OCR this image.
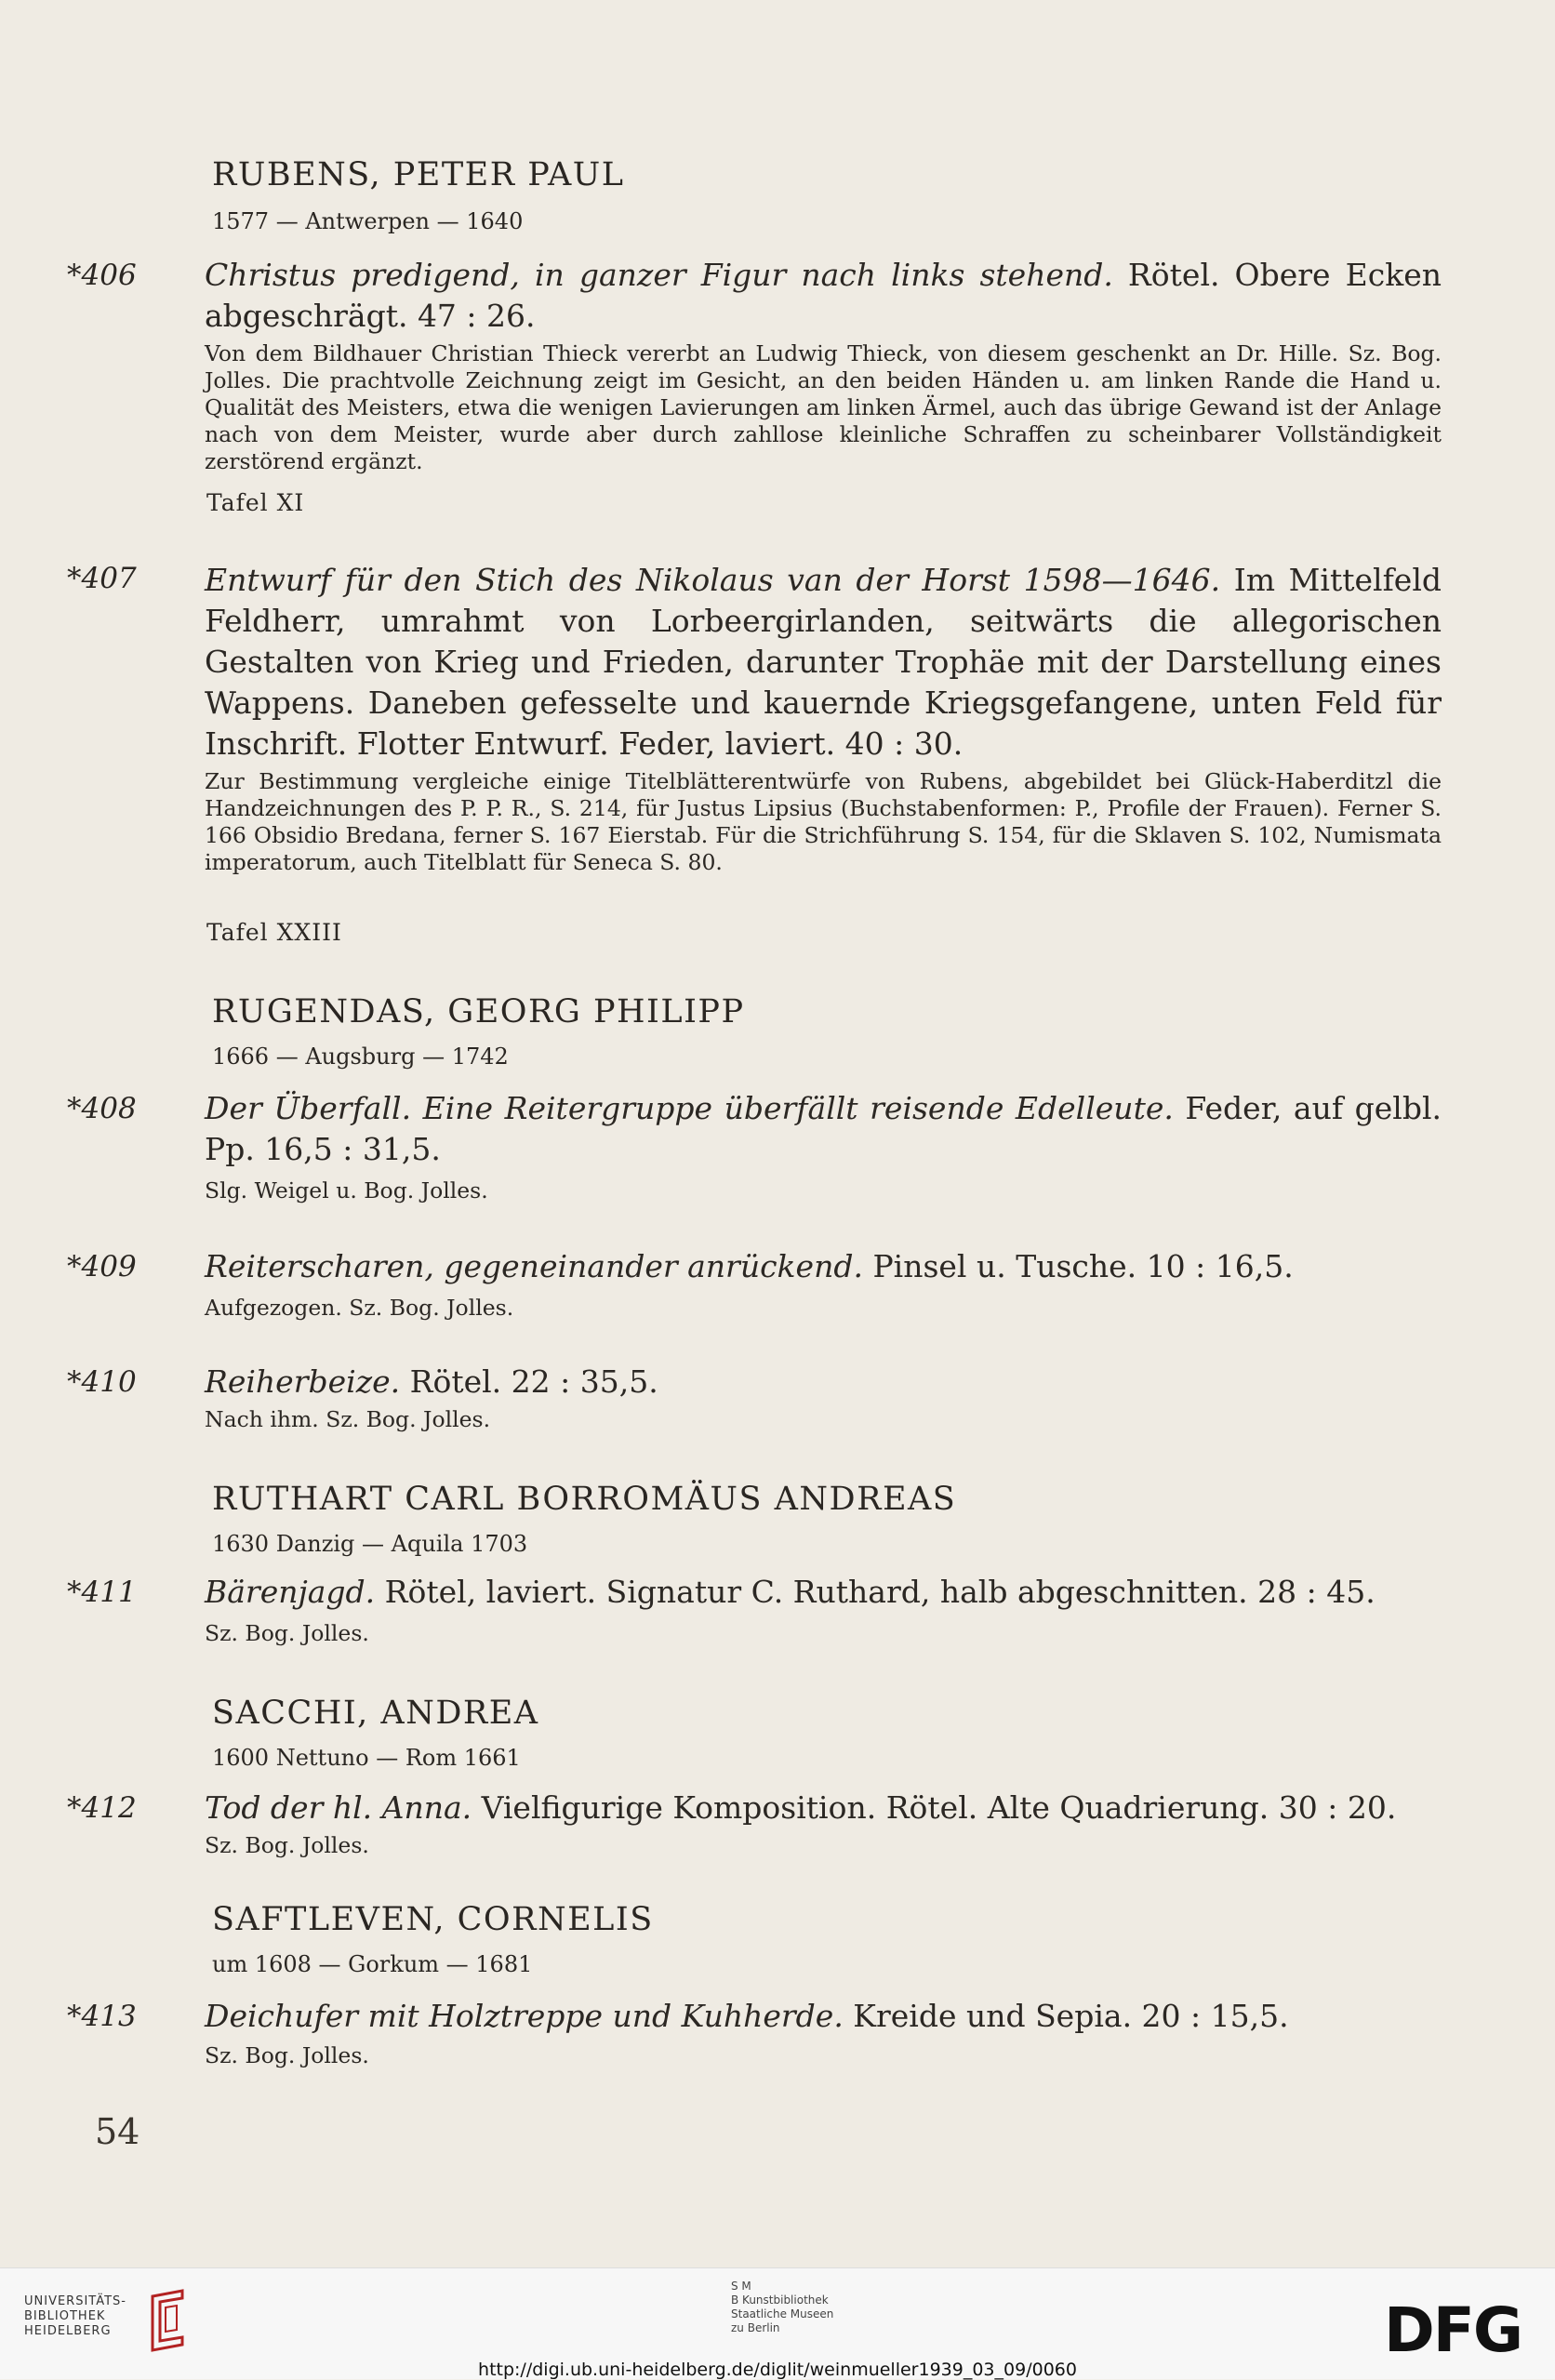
RUBENS, PETER PAUL
1577 — Antwerpen — 1640
*406	Christus predigend, in ganzer Figur nach links stehend. Rötel. Obere Ecken abgeschrägt. 47 : 26.
Von dem Bildhauer Christian Thieck vererbt an Ludwig Thieck, von diesem geschenkt an Dr. Hille. Sz. Bog. Jolles. Die prachtvolle Zeichnung zeigt im Gesicht, an den beiden Händen u. am linken Rande die Hand u. Qualität des Meisters, etwa die wenigen Lavierungen am linken Ärmel, auch das übrige Gewand ist der Anlage nach von dem Meister, wurde aber durch zahllose kleinliche Schraffen zu scheinbarer Vollständigkeit zerstörend ergänzt.
Tafel XI
*407	Entwurf für den Stich des Nikolaus van der Horst 1598—1646. Im Mittelfeld Feldherr, umrahmt von Lorbeergirlanden, seitwärts die allegorischen Gestalten von Krieg und Frieden, darunter Trophäe mit der Darstellung eines Wappens. Daneben gefesselte und kauernde Kriegsgefangene, unten Feld für Inschrift. Flotter Entwurf. Feder, laviert. 40 : 30.
Zur Bestimmung vergleiche einige Titelblätterentwürfe von Rubens, abgebildet bei Glück-Haberditzl die Handzeichnungen des P. P. R., S. 214, für Justus Lipsius (Buchstabenformen: P., Profile der Frauen). Ferner S. 166 Obsidio Bredana, ferner S. 167 Eierstab. Für die Strichführung S. 154, für die Sklaven S. 102, Numismata imperatorum, auch Titelblatt für Seneca S. 80.
Tafel XXIII
RUGENDAS, GEORG PHILIPP
1666 — Augsburg — 1742
*408	Der Überfall. Eine Reitergruppe überfällt reisende Edelleute. Feder, auf gelbl. Pp. 16,5 : 31,5.
Slg. Weigel u. Bog. Jolles.
*409	Reiterscharen, gegeneinander anrückend. Pinsel u. Tusche. 10 : 16,5.
Aufgezogen. Sz. Bog. Jolles.
*410	Reiherbeize. Rötel. 22 : 35,5.
Nach ihm. Sz. Bog. Jolles.
RUTHART CARL BORROMÄUS ANDREAS
1630 Danzig — Aquila 1703
*411	Bärenjagd. Rötel, laviert. Signatur C. Ruthard, halb abgeschnitten. 28 : 45.
Sz. Bog. Jolles.
SACCHI, ANDREA
1600 Nettuno — Rom 1661
*412	Tod der hl. Anna. Vielfigurige Komposition. Rötel. Alte Quadrierung. 30 : 20.
Sz. Bog. Jolles.
SAFTLEVEN, CORNELIS
um 1608 — Gorkum — 1681
*413	Deichufer mit Holztreppe und Kuhherde. Kreide und Sepia. 20 : 15,5.
Sz. Bog. Jolles.
54
UNIVERSITÄTS-
BIBLIOTHEK
HEIDELBERG
S M
B Kunstbibliothek
Staatliche Museen
zu Berlin	DFG
http://digi.ub.uni-heidelberg.de/diglit/weinmueller1939_03_09/0060
